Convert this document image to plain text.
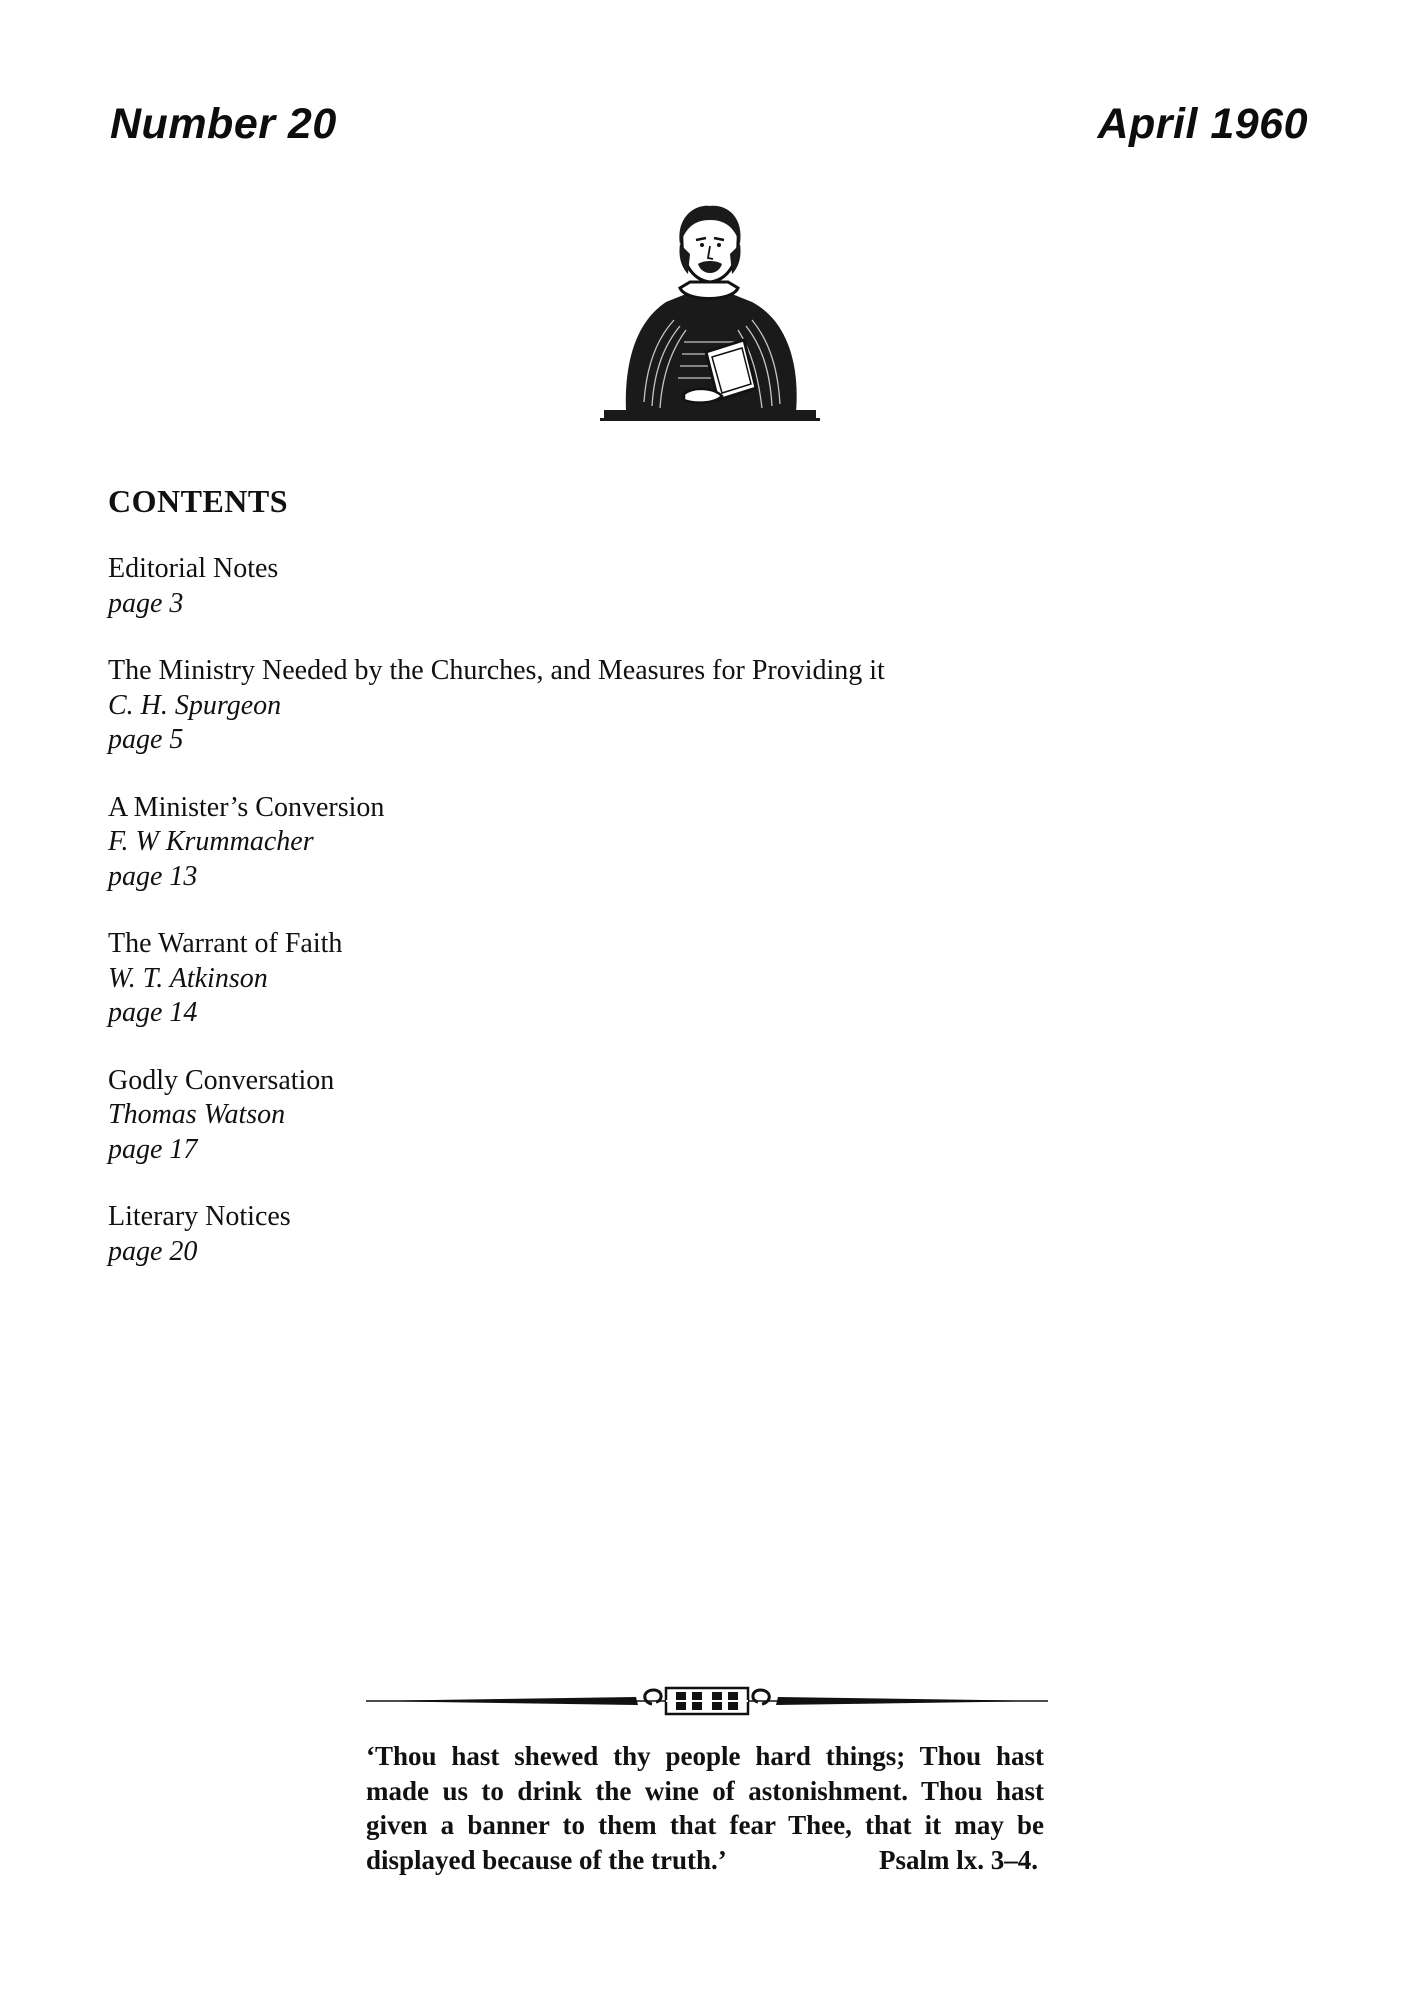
Number 20	April 1960
CONTENTS
Editorial Notes
page 3
The Ministry Needed by the Churches, and Measures for Providing it
C. H. Spurgeon
page 5
A Minister’s Conversion
F. W Krummacher
page 13
The Warrant of Faith
W. T. Atkinson
page 14
Godly Conversation
Thomas Watson
page 17
Literary Notices
page 20
‘Thou hast shewed thy people hard things; Thou hast
made us to drink the wine of astonishment. Thou hast
given a banner to them that fear Thee, that it may be
displayed because of the truth.’	Psalm lx. 3–4.
